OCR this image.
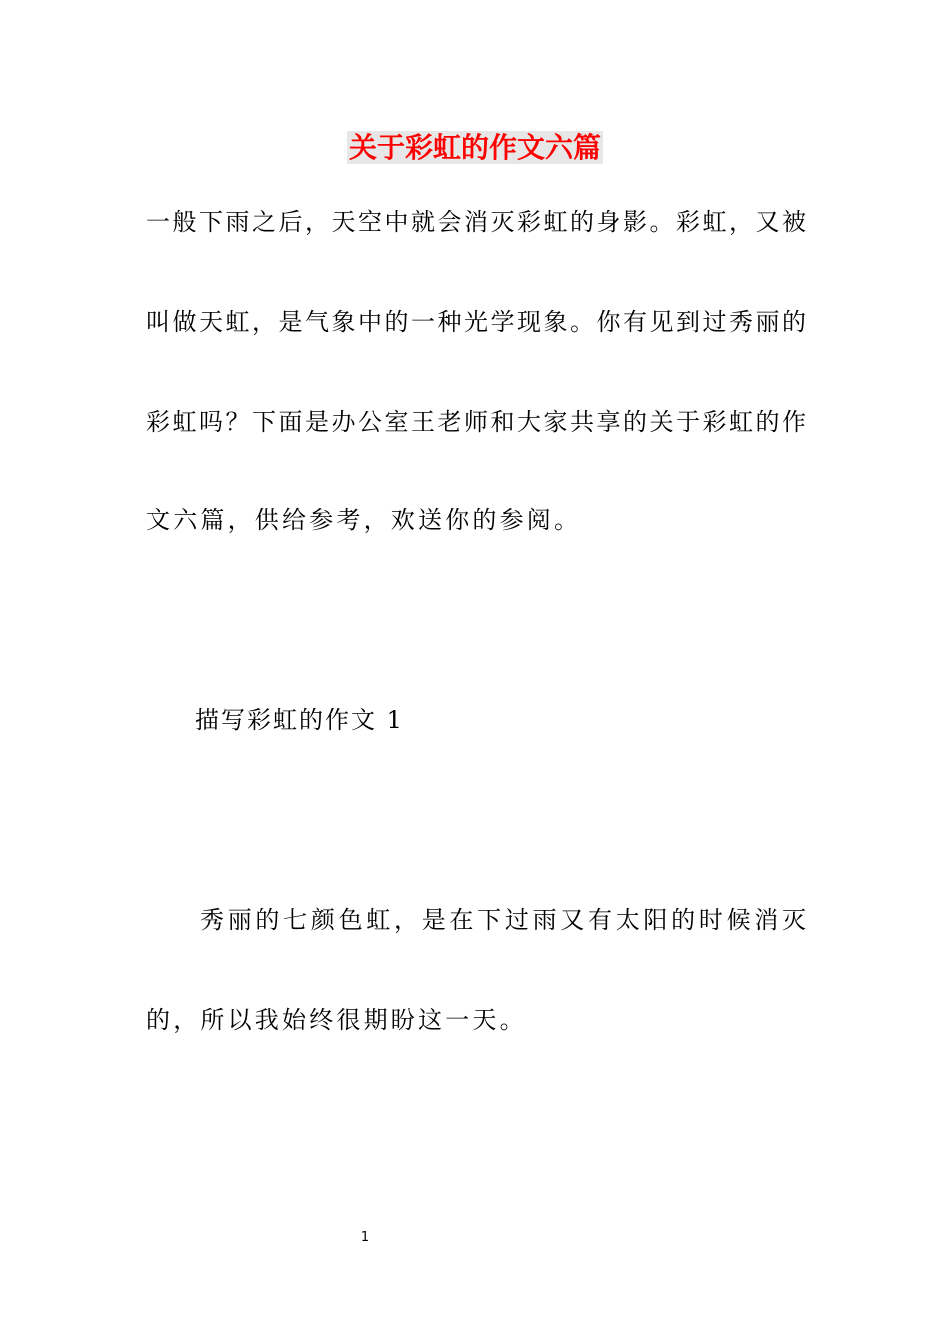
关于彩虹的作文六篇
一般下雨之后，天空中就会消灭彩虹的身影。彩虹，又被
叫做天虹，是气象中的一种光学现象。你有见到过秀丽的
彩虹吗？下面是办公室王老师和大家共享的关于彩虹的作
文六篇，供给参考，欢送你的参阅。
描写彩虹的作文 1
秀丽的七颜色虹，是在下过雨又有太阳的时候消灭
的，所以我始终很期盼这一天。
1
